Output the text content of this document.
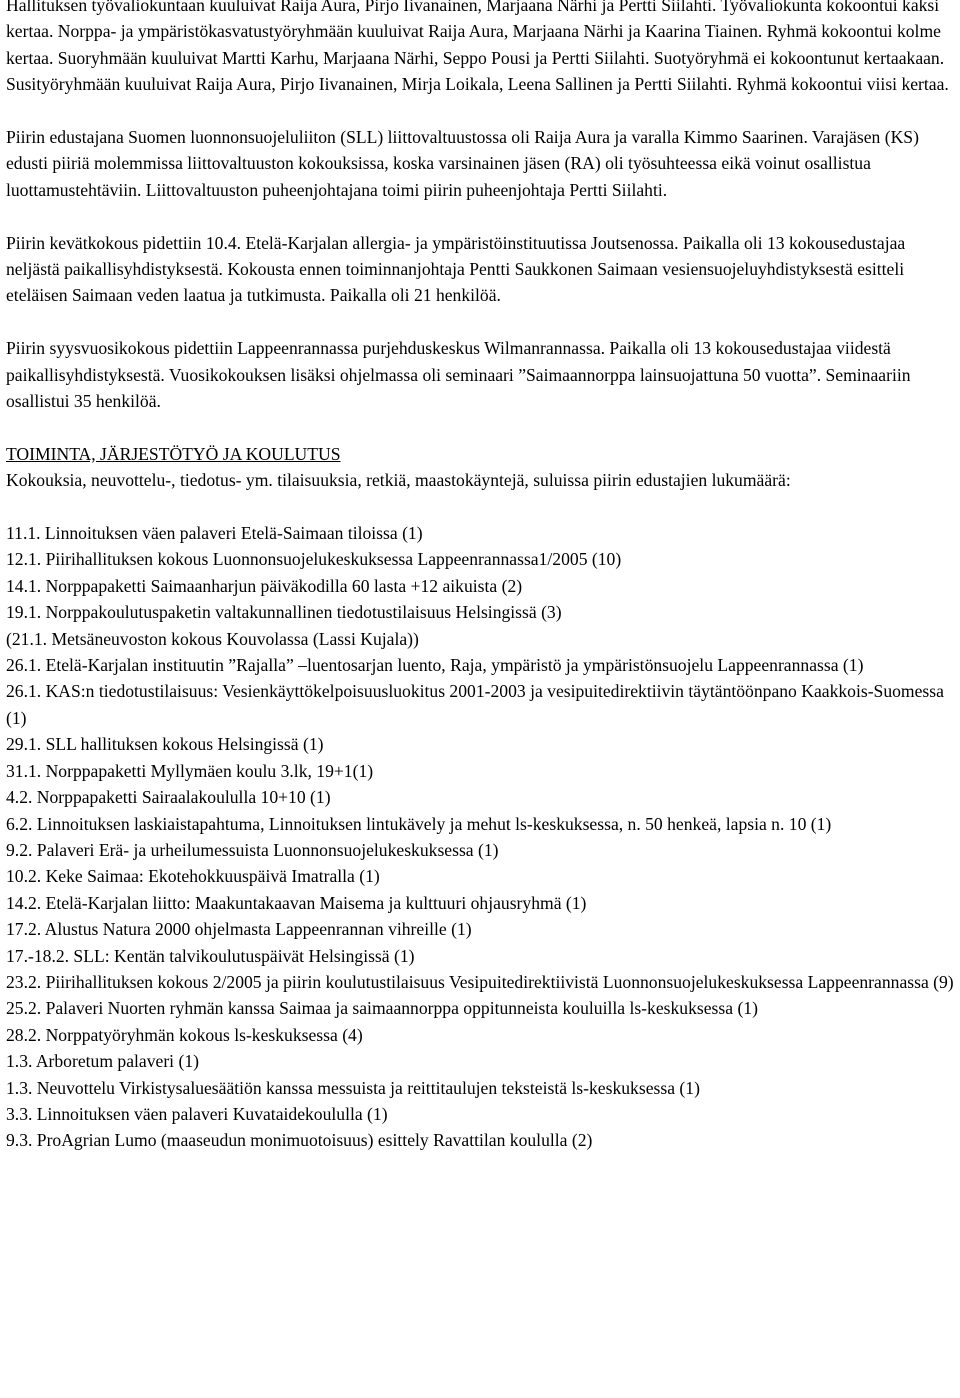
Hallituksen työvaliokuntaan kuuluivat Raija Aura, Pirjo Iivanainen, Marjaana Närhi ja Pertti Siilahti. Työvaliokunta kokoontui kaksi kertaa. Norppa- ja ympäristökasvatustyöryhmään kuuluivat Raija Aura, Marjaana Närhi ja Kaarina Tiainen. Ryhmä kokoontui kolme kertaa. Suoryhmään kuuluivat Martti Karhu, Marjaana Närhi, Seppo Pousi ja Pertti Siilahti. Suotyöryhmä ei kokoontunut kertaakaan. Susityöryhmään kuuluivat Raija Aura, Pirjo Iivanainen, Mirja Loikala, Leena Sallinen ja Pertti Siilahti. Ryhmä kokoontui viisi kertaa.

Piirin edustajana Suomen luonnonsuojeluliiton (SLL) liittovaltuustossa oli Raija Aura ja varalla Kimmo Saarinen. Varajäsen (KS) edusti piiriä molemmissa liittovaltuuston kokouksissa, koska varsinainen jäsen (RA) oli työsuhteessa eikä voinut osallistua luottamustehtäviin. Liittovaltuuston puheenjohtajana toimi piirin puheenjohtaja Pertti Siilahti.

Piirin kevätkokous pidettiin 10.4. Etelä-Karjalan allergia- ja ympäristöinstituutissa Joutsenossa. Paikalla oli 13 kokousedustajaa neljästä paikallisyhdistyksestä. Kokousta ennen toiminnanjohtaja Pentti Saukkonen Saimaan vesiensuojeluyhdistyksestä esitteli eteläisen Saimaan veden laatua ja tutkimusta. Paikalla oli 21 henkilöä.

Piirin syysvuosikokous pidettiin Lappeenrannassa purjehduskeskus Wilmanrannassa. Paikalla oli 13 kokousedustajaa viidestä paikallisyhdistyksestä. Vuosikokouksen lisäksi ohjelmassa oli seminaari ”Saimaannorppa lainsuojattuna 50 vuotta”. Seminaariin osallistui 35 henkilöä.

TOIMINTA, JÄRJESTÖTYÖ JA KOULUTUS

Kokouksia, neuvottelu-, tiedotus- ym. tilaisuuksia, retkiä, maastokäyntejä, suluissa piirin edustajien lukumäärä:

11.1. Linnoituksen väen palaveri Etelä-Saimaan tiloissa (1)
12.1. Piirihallituksen kokous Luonnonsuojelukeskuksessa Lappeenrannassa1/2005 (10)
14.1. Norppapaketti Saimaanharjun päiväkodilla 60 lasta +12 aikuista (2)
19.1. Norppakoulutuspaketin valtakunnallinen tiedotustilaisuus Helsingissä (3)
(21.1. Metsäneuvoston kokous Kouvolassa (Lassi Kujala))
26.1. Etelä-Karjalan instituutin ”Rajalla” –luentosarjan luento, Raja, ympäristö ja ympäristönsuojelu Lappeenrannassa (1)
26.1. KAS:n tiedotustilaisuus: Vesienkäyttökelpoisuusluokitus 2001-2003 ja vesipuitedirektiivin täytäntöönpano Kaakkois-Suomessa (1)
29.1. SLL hallituksen kokous Helsingissä (1)
31.1. Norppapaketti Myllymäen koulu 3.lk, 19+1(1)
4.2. Norppapaketti Sairaalakoululla 10+10 (1)
6.2. Linnoituksen laskiaistapahtuma, Linnoituksen lintukävely ja mehut ls-keskuksessa, n. 50 henkeä, lapsia n. 10 (1)
9.2. Palaveri Erä- ja urheilumessuista Luonnonsuojelukeskuksessa (1)
10.2. Keke Saimaa: Ekotehokkuuspäivä Imatralla (1)
14.2. Etelä-Karjalan liitto: Maakuntakaavan Maisema ja kulttuuri ohjausryhmä (1)
17.2. Alustus Natura 2000 ohjelmasta Lappeenrannan vihreille (1)
17.-18.2. SLL: Kentän talvikoulutuspäivät Helsingissä (1)
23.2. Piirihallituksen kokous 2/2005 ja piirin koulutustilaisuus Vesipuitedirektiivistä Luonnonsuojelukeskuksessa Lappeenrannassa (9)
25.2. Palaveri Nuorten ryhmän kanssa Saimaa ja saimaannorppa oppitunneista kouluilla ls-keskuksessa (1)
28.2. Norppatyöryhmän kokous ls-keskuksessa (4)
1.3. Arboretum palaveri (1)
1.3. Neuvottelu Virkistysaluesäätiön kanssa messuista ja reittitaulujen teksteistä ls-keskuksessa (1)
3.3. Linnoituksen väen palaveri Kuvataidekoululla (1)
9.3. ProAgrian Lumo (maaseudun monimuotoisuus) esittely Ravattilan koululla (2)
